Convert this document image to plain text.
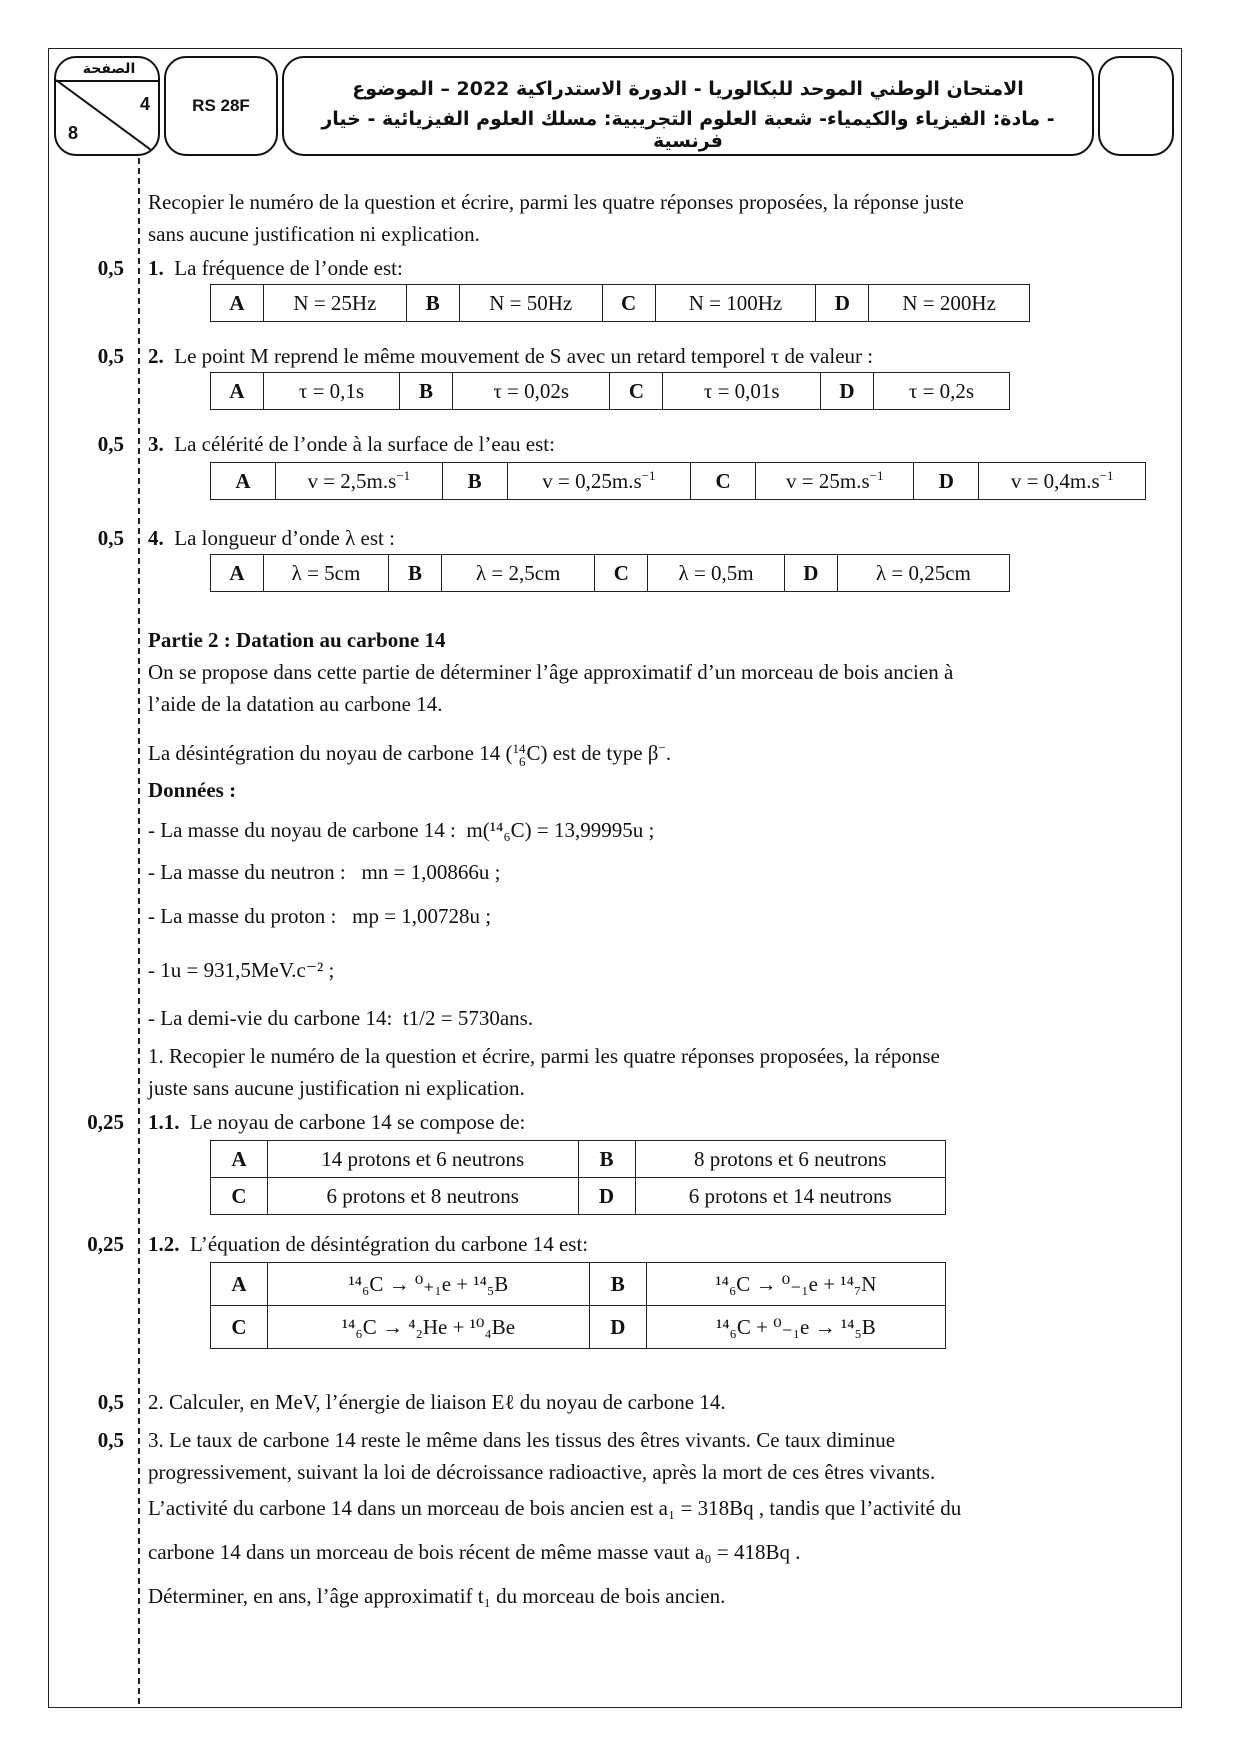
الصفحة
4
8
RS 28F
الامتحان الوطني الموحد للبكالوريا - الدورة الاستدراكية 2022 – الموضوع
- مادة: الفيزياء والكيمياء- شعبة العلوم التجريبية: مسلك العلوم الفيزيائية - خيار فرنسية
Recopier le numéro de la question et écrire, parmi les quatre réponses proposées, la réponse juste
sans aucune justification ni explication.
0,5 1. La fréquence de l’onde est:
A	N = 25Hz	B	N = 50Hz	C	N = 100Hz	D	N = 200Hz
0,5 2. Le point M reprend le même mouvement de S avec un retard temporel τ de valeur :
A	τ = 0,1s	B	τ = 0,02s	C	τ = 0,01s	D	τ = 0,2s
0,5 3. La célérité de l’onde à la surface de l’eau est:
A	$v = 2,5m.s^{-1}$	B	$v = 0,25m.s^{-1}$	C	$v = 25m.s^{-1}$	D	$v = 0,4m.s^{-1}$
0,5 4. La longueur d’onde λ est :
A	λ = 5cm	B	λ = 2,5cm	C	λ = 0,5m	D	λ = 0,25cm
Partie 2 : Datation au carbone 14
On se propose dans cette partie de déterminer l’âge approximatif d’un morceau de bois ancien à
l’aide de la datation au carbone 14.
La désintégration du noyau de carbone 14 ( 14
6 C) est de type β−.
Données :
- La masse du noyau de carbone 14 : m(¹⁴₆C) = 13,99995u ;
- La masse du neutron : mn = 1,00866u ;
- La masse du proton : mp = 1,00728u ;
- 1u = 931,5MeV.c⁻² ;
- La demi-vie du carbone 14: t1/2 = 5730ans.
1. Recopier le numéro de la question et écrire, parmi les quatre réponses proposées, la réponse
juste sans aucune justification ni explication.
0,25 1.1. Le noyau de carbone 14 se compose de:
A	14 protons et 6 neutrons	B	8 protons et 6 neutrons
C	6 protons et 8 neutrons	D	6 protons et 14 neutrons
0,25 1.2. L’équation de désintégration du carbone 14 est:
A	¹⁴₆C → ⁰₊₁e + ¹⁴₅B	B	¹⁴₆C → ⁰₋₁e + ¹⁴₇N
C	¹⁴₆C → ⁴₂He + ¹⁰₄Be	D	¹⁴₆C + ⁰₋₁e → ¹⁴₅B
0,5 2. Calculer, en MeV, l’énergie de liaison Eℓ du noyau de carbone 14.
0,5 3. Le taux de carbone 14 reste le même dans les tissus des êtres vivants. Ce taux diminue
progressivement, suivant la loi de décroissance radioactive, après la mort de ces êtres vivants.
L’activité du carbone 14 dans un morceau de bois ancien est a₁ = 318Bq , tandis que l’activité du
carbone 14 dans un morceau de bois récent de même masse vaut a₀ = 418Bq .
Déterminer, en ans, l’âge approximatif t₁ du morceau de bois ancien.
